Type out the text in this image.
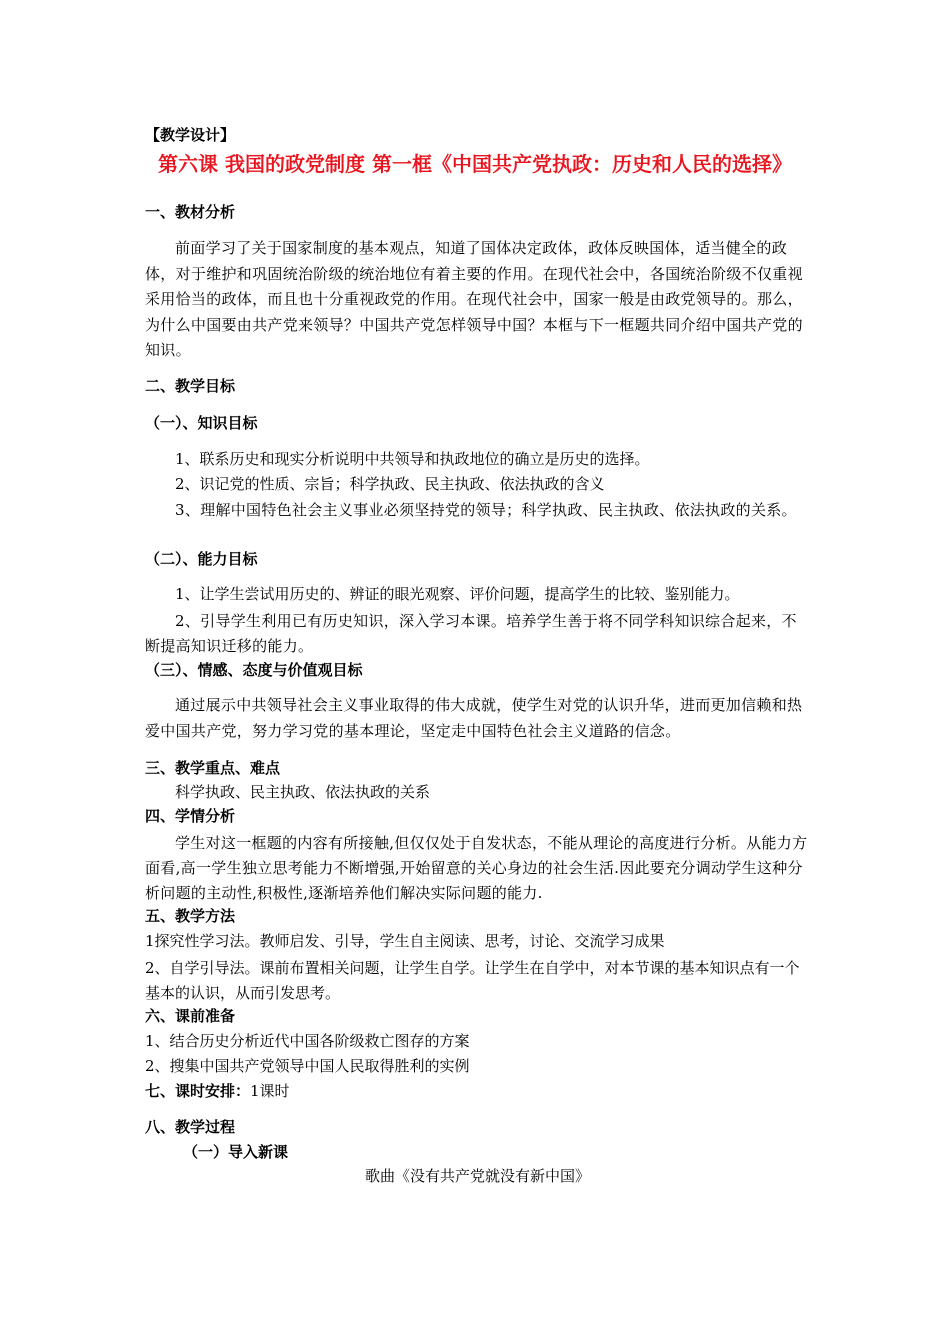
【教学设计】
第六课 我国的政党制度 第一框《中国共产党执政：历史和人民的选择》
一、教材分析
前面学习了关于国家制度的基本观点，知道了国体决定政体，政体反映国体，适当健全的政体，对于维护和巩固统治阶级的统治地位有着主要的作用。在现代社会中，各国统治阶级不仅重视采用恰当的政体，而且也十分重视政党的作用。在现代社会中，国家一般是由政党领导的。那么，为什么中国要由共产党来领导？中国共产党怎样领导中国？本框与下一框题共同介绍中国共产党的知识。
二、教学目标
（一）、知识目标
1、联系历史和现实分析说明中共领导和执政地位的确立是历史的选择。
2、识记党的性质、宗旨；科学执政、民主执政、依法执政的含义
3、理解中国特色社会主义事业必须坚持党的领导；科学执政、民主执政、依法执政的关系。
（二）、能力目标
1、让学生尝试用历史的、辨证的眼光观察、评价问题，提高学生的比较、鉴别能力。
2、引导学生利用已有历史知识，深入学习本课。培养学生善于将不同学科知识综合起来，不断提高知识迁移的能力。
（三）、情感、态度与价值观目标
通过展示中共领导社会主义事业取得的伟大成就，使学生对党的认识升华，进而更加信赖和热爱中国共产党，努力学习党的基本理论，坚定走中国特色社会主义道路的信念。
三、教学重点、难点
科学执政、民主执政、依法执政的关系
四、学情分析
学生对这一框题的内容有所接触,但仅仅处于自发状态，不能从理论的高度进行分析。从能力方面看,高一学生独立思考能力不断增强,开始留意的关心身边的社会生活.因此要充分调动学生这种分析问题的主动性,积极性,逐渐培养他们解决实际问题的能力.
五、教学方法
1探究性学习法。教师启发、引导，学生自主阅读、思考，讨论、交流学习成果
2、自学引导法。课前布置相关问题，让学生自学。让学生在自学中，对本节课的基本知识点有一个基本的认识，从而引发思考。
六、课前准备
1、结合历史分析近代中国各阶级救亡图存的方案
2、搜集中国共产党领导中国人民取得胜利的实例
七、课时安排：1课时
八、教学过程
（一）导入新课
歌曲《没有共产党就没有新中国》
